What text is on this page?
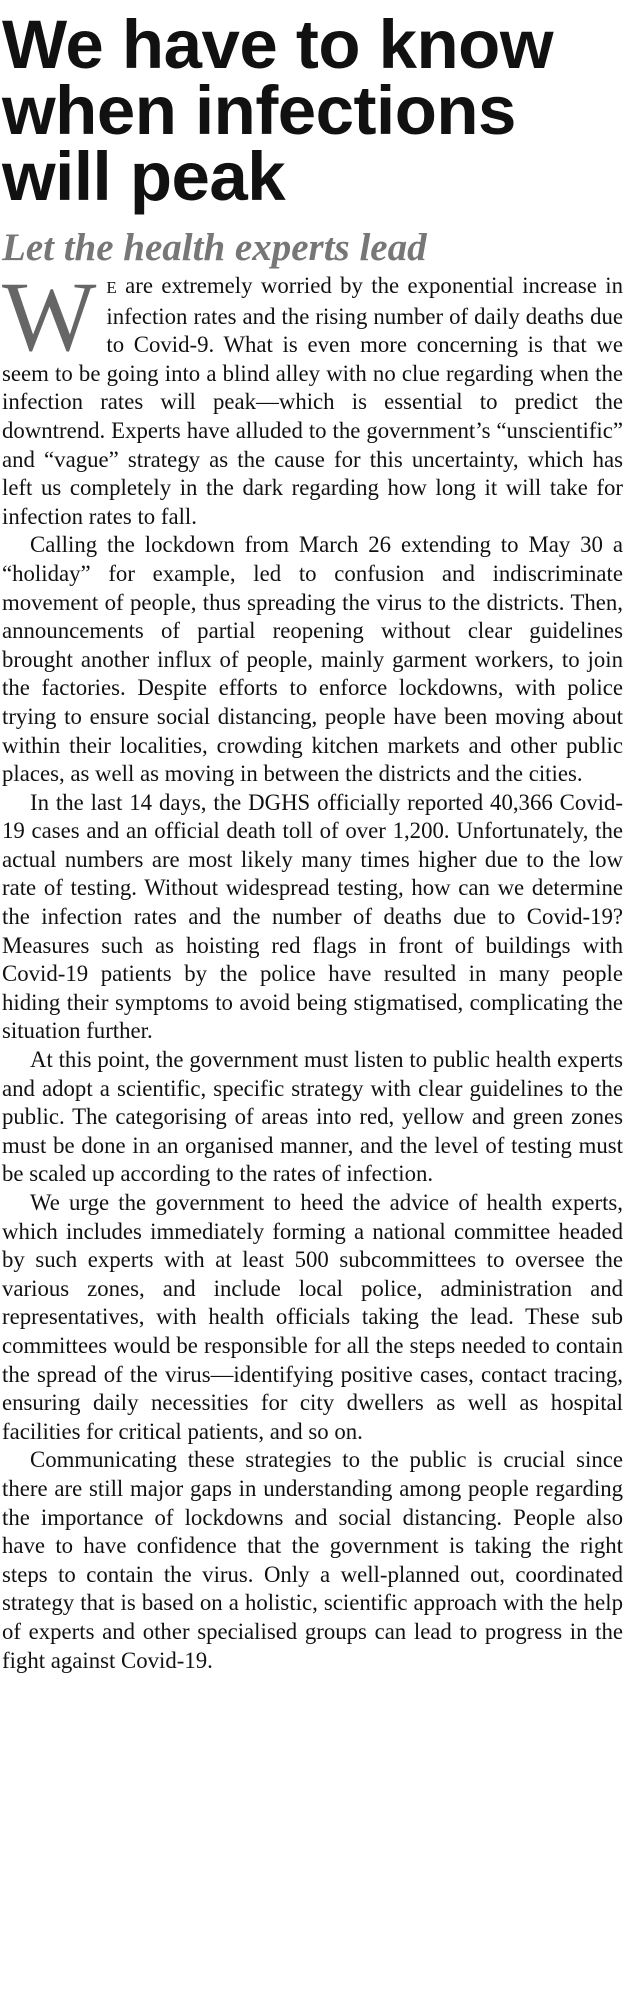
We have to know when infections will peak
Let the health experts lead

W E are extremely worried by the exponential increase in infection rates and the rising number of daily deaths due to Covid-9. What is even more concerning is that we seem to be going into a blind alley with no clue regarding when the infection rates will peak—which is essential to predict the downtrend. Experts have alluded to the government’s “unscientific” and “vague” strategy as the cause for this uncertainty, which has left us completely in the dark regarding how long it will take for infection rates to fall.

Calling the lockdown from March 26 extending to May 30 a “holiday” for example, led to confusion and indiscriminate movement of people, thus spreading the virus to the districts. Then, announcements of partial reopening without clear guidelines brought another influx of people, mainly garment workers, to join the factories. Despite efforts to enforce lockdowns, with police trying to ensure social distancing, people have been moving about within their localities, crowding kitchen markets and other public places, as well as moving in between the districts and the cities.

In the last 14 days, the DGHS officially reported 40,366 Covid-19 cases and an official death toll of over 1,200. Unfortunately, the actual numbers are most likely many times higher due to the low rate of testing. Without widespread testing, how can we determine the infection rates and the number of deaths due to Covid-19? Measures such as hoisting red flags in front of buildings with Covid-19 patients by the police have resulted in many people hiding their symptoms to avoid being stigmatised, complicating the situation further.

At this point, the government must listen to public health experts and adopt a scientific, specific strategy with clear guidelines to the public. The categorising of areas into red, yellow and green zones must be done in an organised manner, and the level of testing must be scaled up according to the rates of infection.

We urge the government to heed the advice of health experts, which includes immediately forming a national committee headed by such experts with at least 500 subcommittees to oversee the various zones, and include local police, administration and representatives, with health officials taking the lead. These sub committees would be responsible for all the steps needed to contain the spread of the virus—identifying positive cases, contact tracing, ensuring daily necessities for city dwellers as well as hospital facilities for critical patients, and so on.

Communicating these strategies to the public is crucial since there are still major gaps in understanding among people regarding the importance of lockdowns and social distancing. People also have to have confidence that the government is taking the right steps to contain the virus. Only a well-planned out, coordinated strategy that is based on a holistic, scientific approach with the help of experts and other specialised groups can lead to progress in the fight against Covid-19.
